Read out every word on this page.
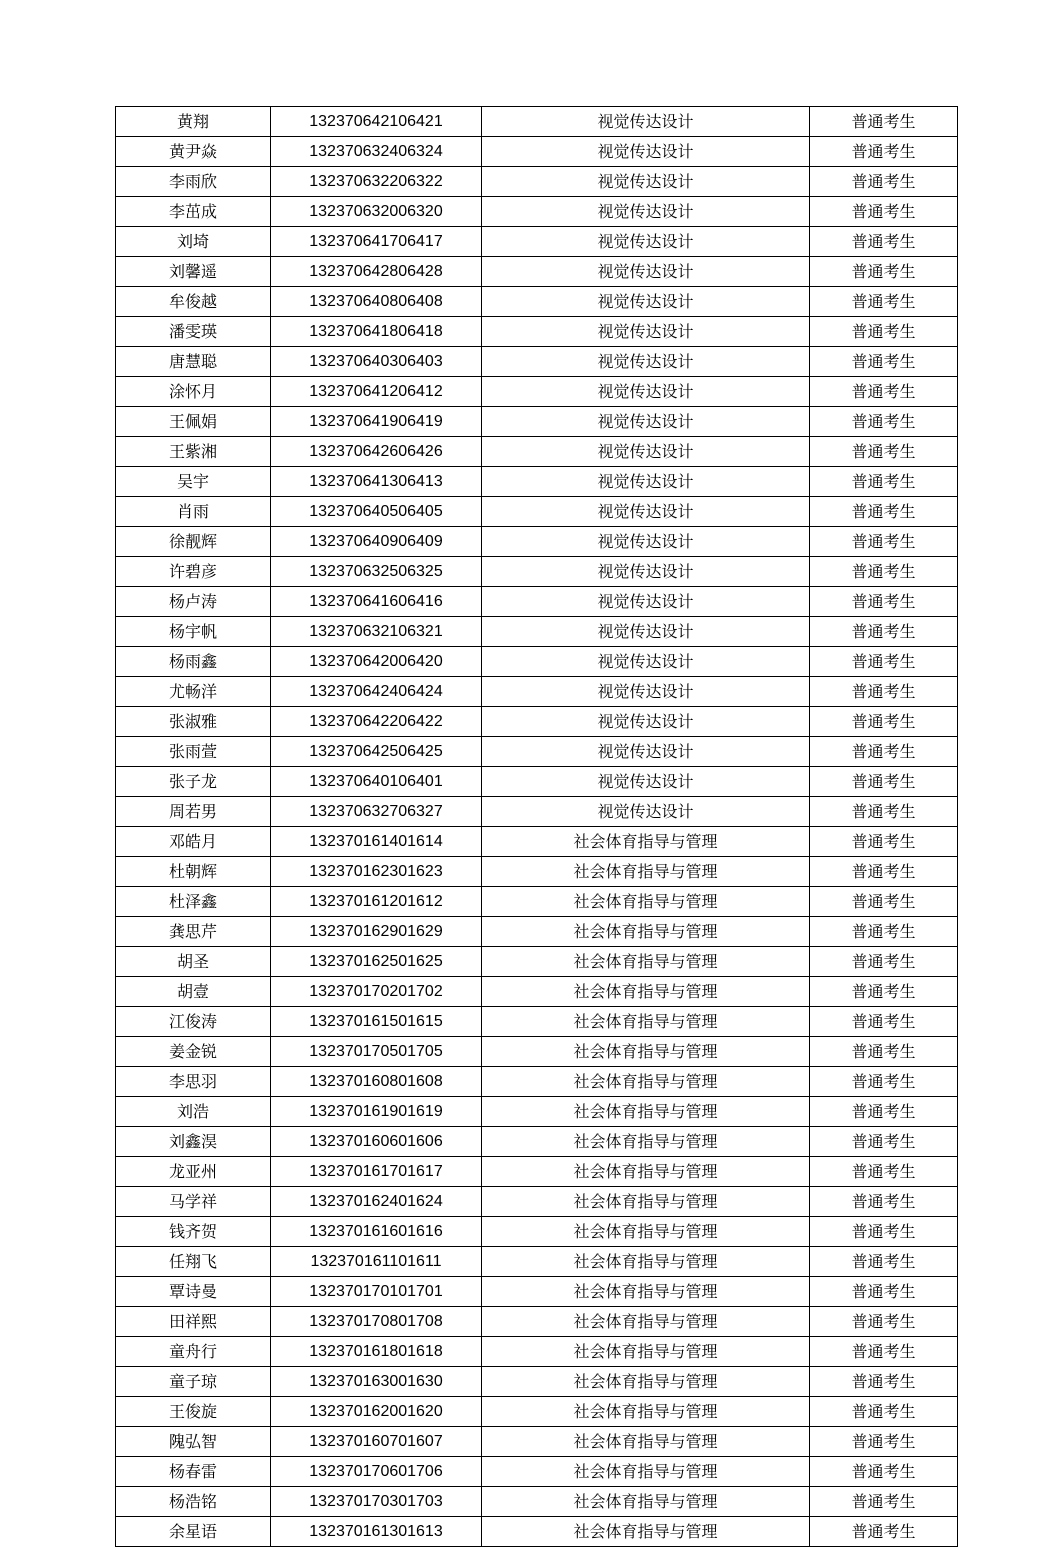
黄翔	132370642106421	视觉传达设计	普通考生
黄尹焱	132370632406324	视觉传达设计	普通考生
李雨欣	132370632206322	视觉传达设计	普通考生
李茁成	132370632006320	视觉传达设计	普通考生
刘埼	132370641706417	视觉传达设计	普通考生
刘馨遥	132370642806428	视觉传达设计	普通考生
牟俊越	132370640806408	视觉传达设计	普通考生
潘雯瑛	132370641806418	视觉传达设计	普通考生
唐慧聪	132370640306403	视觉传达设计	普通考生
涂怀月	132370641206412	视觉传达设计	普通考生
王佩娟	132370641906419	视觉传达设计	普通考生
王紫湘	132370642606426	视觉传达设计	普通考生
吴宇	132370641306413	视觉传达设计	普通考生
肖雨	132370640506405	视觉传达设计	普通考生
徐靓辉	132370640906409	视觉传达设计	普通考生
许碧彦	132370632506325	视觉传达设计	普通考生
杨卢涛	132370641606416	视觉传达设计	普通考生
杨宇帆	132370632106321	视觉传达设计	普通考生
杨雨鑫	132370642006420	视觉传达设计	普通考生
尤畅洋	132370642406424	视觉传达设计	普通考生
张淑雅	132370642206422	视觉传达设计	普通考生
张雨萱	132370642506425	视觉传达设计	普通考生
张子龙	132370640106401	视觉传达设计	普通考生
周若男	132370632706327	视觉传达设计	普通考生
邓皓月	132370161401614	社会体育指导与管理	普通考生
杜朝辉	132370162301623	社会体育指导与管理	普通考生
杜泽鑫	132370161201612	社会体育指导与管理	普通考生
龚思芹	132370162901629	社会体育指导与管理	普通考生
胡圣	132370162501625	社会体育指导与管理	普通考生
胡壹	132370170201702	社会体育指导与管理	普通考生
江俊涛	132370161501615	社会体育指导与管理	普通考生
姜金锐	132370170501705	社会体育指导与管理	普通考生
李思羽	132370160801608	社会体育指导与管理	普通考生
刘浩	132370161901619	社会体育指导与管理	普通考生
刘鑫淏	132370160601606	社会体育指导与管理	普通考生
龙亚州	132370161701617	社会体育指导与管理	普通考生
马学祥	132370162401624	社会体育指导与管理	普通考生
钱齐贺	132370161601616	社会体育指导与管理	普通考生
任翔飞	132370161101611	社会体育指导与管理	普通考生
覃诗曼	132370170101701	社会体育指导与管理	普通考生
田祥熙	132370170801708	社会体育指导与管理	普通考生
童舟行	132370161801618	社会体育指导与管理	普通考生
童子琼	132370163001630	社会体育指导与管理	普通考生
王俊旋	132370162001620	社会体育指导与管理	普通考生
隗弘智	132370160701607	社会体育指导与管理	普通考生
杨春雷	132370170601706	社会体育指导与管理	普通考生
杨浩铭	132370170301703	社会体育指导与管理	普通考生
余星语	132370161301613	社会体育指导与管理	普通考生
